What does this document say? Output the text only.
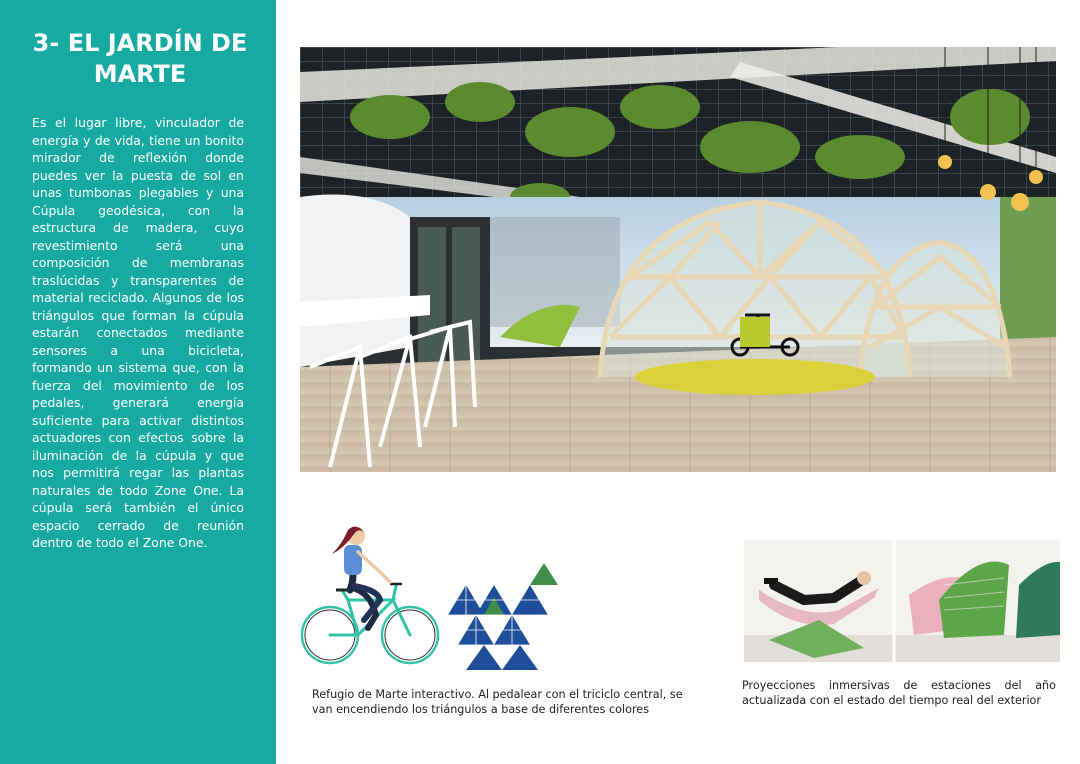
3- EL JARDÍN DE MARTE

Es el lugar libre, vinculador de energía y de vida, tiene un bonito mirador de reflexión donde puedes ver la puesta de sol en unas tumbonas plegables y una Cúpula geodésica, con la estructura de madera, cuyo revestimiento será una composición de membranas traslúcidas y transparentes de material reciclado. Algunos de los triángulos que forman la cúpula estarán conectados mediante sensores a una bicicleta, formando un sistema que, con la fuerza del movimiento de los pedales, generará energía suficiente para activar distintos actuadores con efectos sobre la iluminación de la cúpula y que nos permitirá regar las plantas naturales de todo Zone One. La cúpula será también el único espacio cerrado de reunión dentro de todo el Zone One.

Refugio de Marte interactivo. Al pedalear con el triciclo central, se van encendiendo los triángulos a base de diferentes colores
Proyecciones inmersivas de estaciones del año actualizada con el estado del tiempo real del exterior
